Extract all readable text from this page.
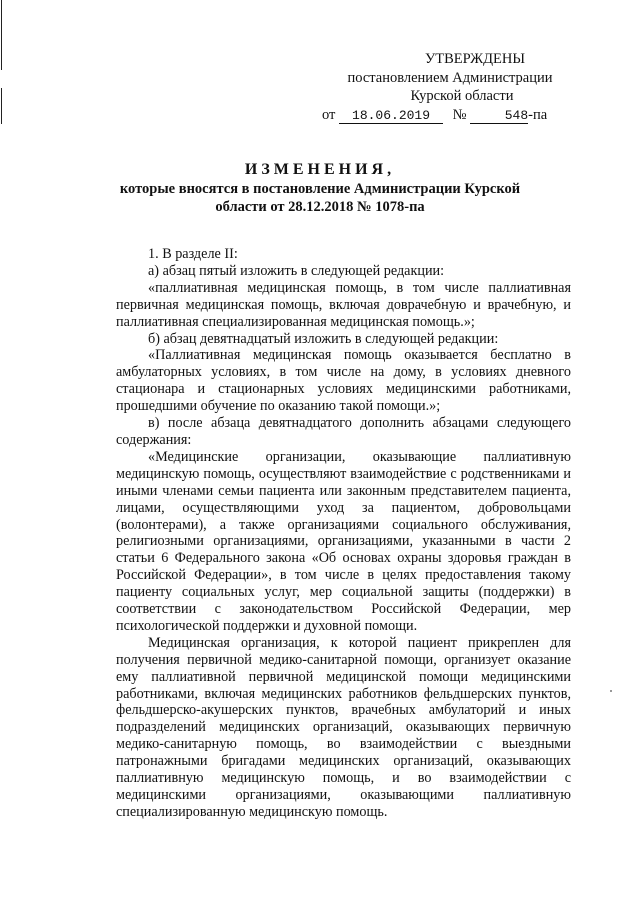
УТВЕРЖДЕНЫ
постановлением Администрации
Курской области
от 18.06.2019 №	548-па
ИЗМЕНЕНИЯ,
которые вносятся в постановление Администрации Курской
области от 28.12.2018 № 1078-па

1. В разделе II:

а) абзац пятый изложить в следующей редакции:

«паллиативная медицинская помощь, в том числе паллиативная первичная медицинская помощь, включая доврачебную и врачебную, и паллиативная специализированная медицинская помощь.»;

б) абзац девятнадцатый изложить в следующей редакции:

«Паллиативная медицинская помощь оказывается бесплатно в амбулаторных условиях, в том числе на дому, в условиях дневного стационара и стационарных условиях медицинскими работниками, прошедшими обучение по оказанию такой помощи.»;

в) после абзаца девятнадцатого дополнить абзацами следующего содержания:

«Медицинские организации, оказывающие паллиативную медицинскую помощь, осуществляют взаимодействие с родственниками и иными членами семьи пациента или законным представителем пациента, лицами, осуществляющими уход за пациентом, добровольцами (волонтерами), а также организациями социального обслуживания, религиозными организациями, организациями, указанными в части 2 статьи 6 Федерального закона «Об основах охраны здоровья граждан в Российской Федерации», в том числе в целях предоставления такому пациенту социальных услуг, мер социальной защиты (поддержки) в соответствии с законодательством Российской Федерации, мер психологической поддержки и духовной помощи.

Медицинская организация, к которой пациент прикреплен для получения первичной медико-санитарной помощи, организует оказание ему паллиативной первичной медицинской помощи медицинскими работниками, включая медицинских работников фельдшерских пунктов, фельдшерско-акушерских пунктов, врачебных амбулаторий и иных подразделений медицинских организаций, оказывающих первичную медико-санитарную помощь, во взаимодействии с выездными патронажными бригадами медицинских организаций, оказывающих паллиативную медицинскую помощь, и во взаимодействии с медицинскими организациями, оказывающими паллиативную специализированную медицинскую помощь.
